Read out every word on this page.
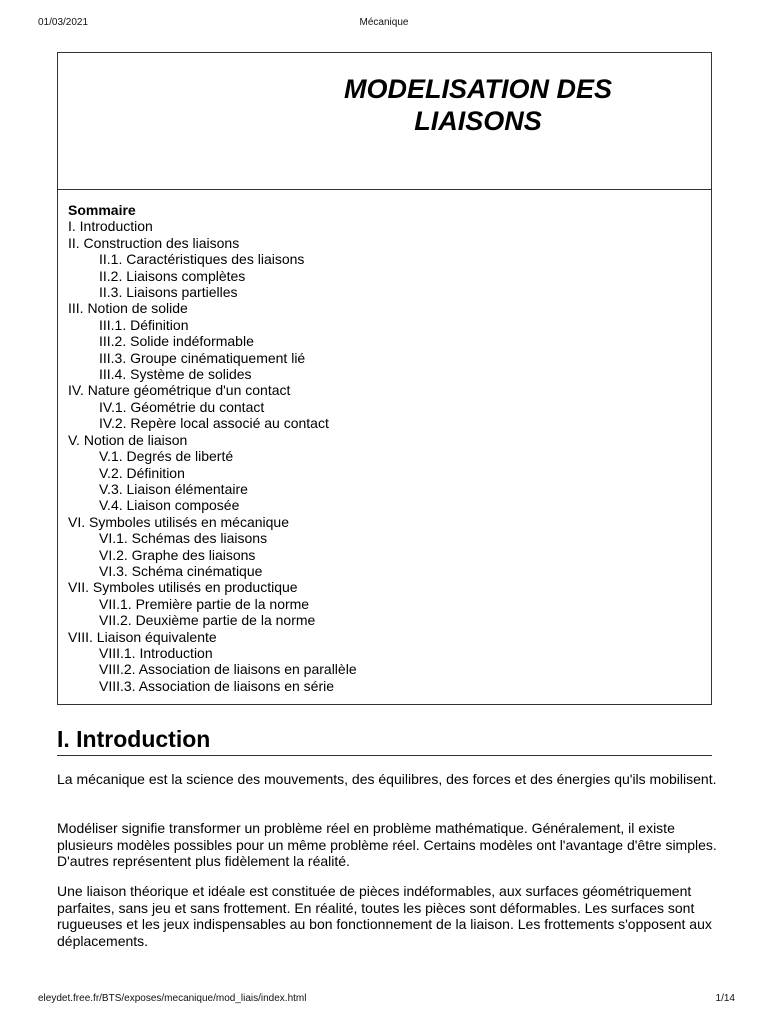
01/03/2021	Mécanique
MODELISATION DES
LIAISONS

Sommaire

I. Introduction
II. Construction des liaisons
II.1. Caractéristiques des liaisons
II.2. Liaisons complètes
II.3. Liaisons partielles
III. Notion de solide
III.1. Définition
III.2. Solide indéformable
III.3. Groupe cinématiquement lié
III.4. Système de solides
IV. Nature géométrique d'un contact
IV.1. Géométrie du contact
IV.2. Repère local associé au contact
V. Notion de liaison
V.1. Degrés de liberté
V.2. Définition
V.3. Liaison élémentaire
V.4. Liaison composée
VI. Symboles utilisés en mécanique
VI.1. Schémas des liaisons
VI.2. Graphe des liaisons
VI.3. Schéma cinématique
VII. Symboles utilisés en productique
VII.1. Première partie de la norme
VII.2. Deuxième partie de la norme
VIII. Liaison équivalente
VIII.1. Introduction
VIII.2. Association de liaisons en parallèle
VIII.3. Association de liaisons en série
I. Introduction

La mécanique est la science des mouvements, des équilibres, des forces et des énergies qu'ils mobilisent.

Modéliser signifie transformer un problème réel en problème mathématique. Généralement, il existe plusieurs modèles possibles pour un même problème réel. Certains modèles ont l'avantage d'être simples. D'autres représentent plus fidèlement la réalité.

Une liaison théorique et idéale est constituée de pièces indéformables, aux surfaces géométriquement parfaites, sans jeu et sans frottement. En réalité, toutes les pièces sont déformables. Les surfaces sont rugueuses et les jeux indispensables au bon fonctionnement de la liaison. Les frottements s'opposent aux déplacements.

eleydet.free.fr/BTS/exposes/mecanique/mod_liais/index.html	1/14
